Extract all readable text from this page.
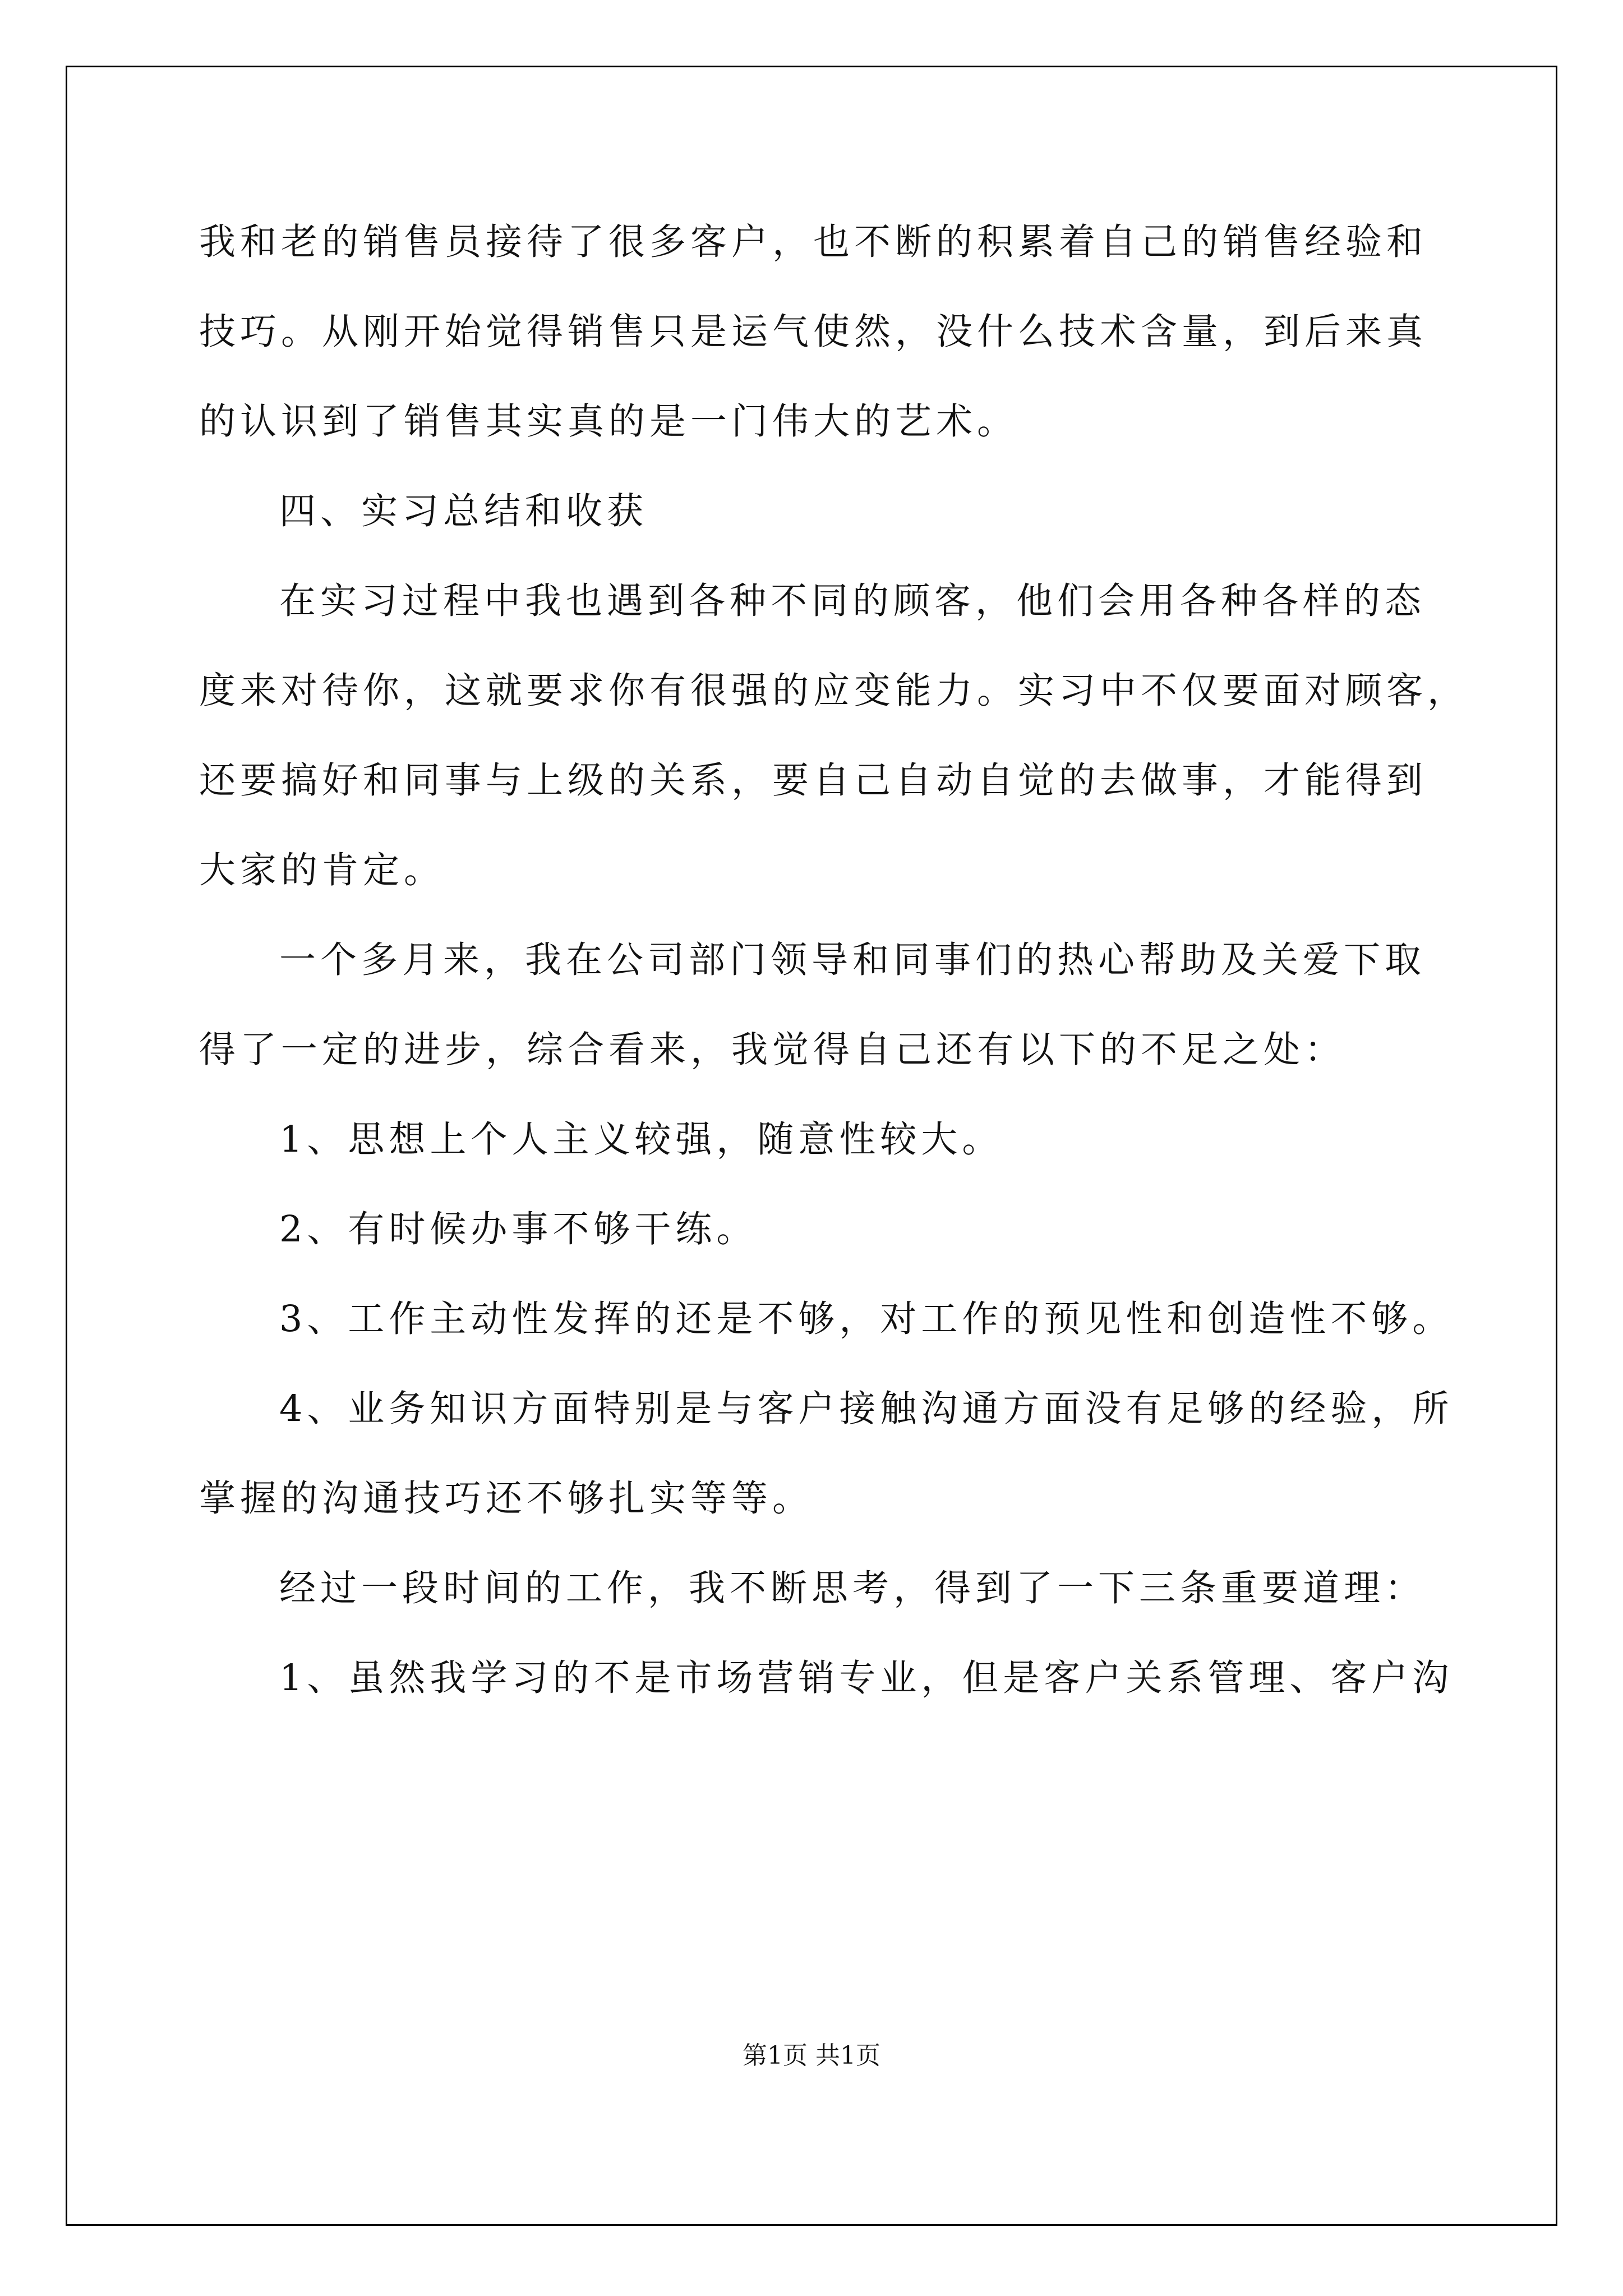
我和老的销售员接待了很多客户，也不断的积累着自己的销售经验和
技巧。从刚开始觉得销售只是运气使然，没什么技术含量，到后来真
的认识到了销售其实真的是一门伟大的艺术。
四、实习总结和收获
在实习过程中我也遇到各种不同的顾客，他们会用各种各样的态
度来对待你，这就要求你有很强的应变能力。实习中不仅要面对顾客，
还要搞好和同事与上级的关系，要自己自动自觉的去做事，才能得到
大家的肯定。
一个多月来，我在公司部门领导和同事们的热心帮助及关爱下取
得了一定的进步，综合看来，我觉得自己还有以下的不足之处：
1、思想上个人主义较强，随意性较大。
2、有时候办事不够干练。
3、工作主动性发挥的还是不够，对工作的预见性和创造性不够。
4、业务知识方面特别是与客户接触沟通方面没有足够的经验，所
掌握的沟通技巧还不够扎实等等。
经过一段时间的工作，我不断思考，得到了一下三条重要道理：
1、虽然我学习的不是市场营销专业，但是客户关系管理、客户沟
第1页 共1页
